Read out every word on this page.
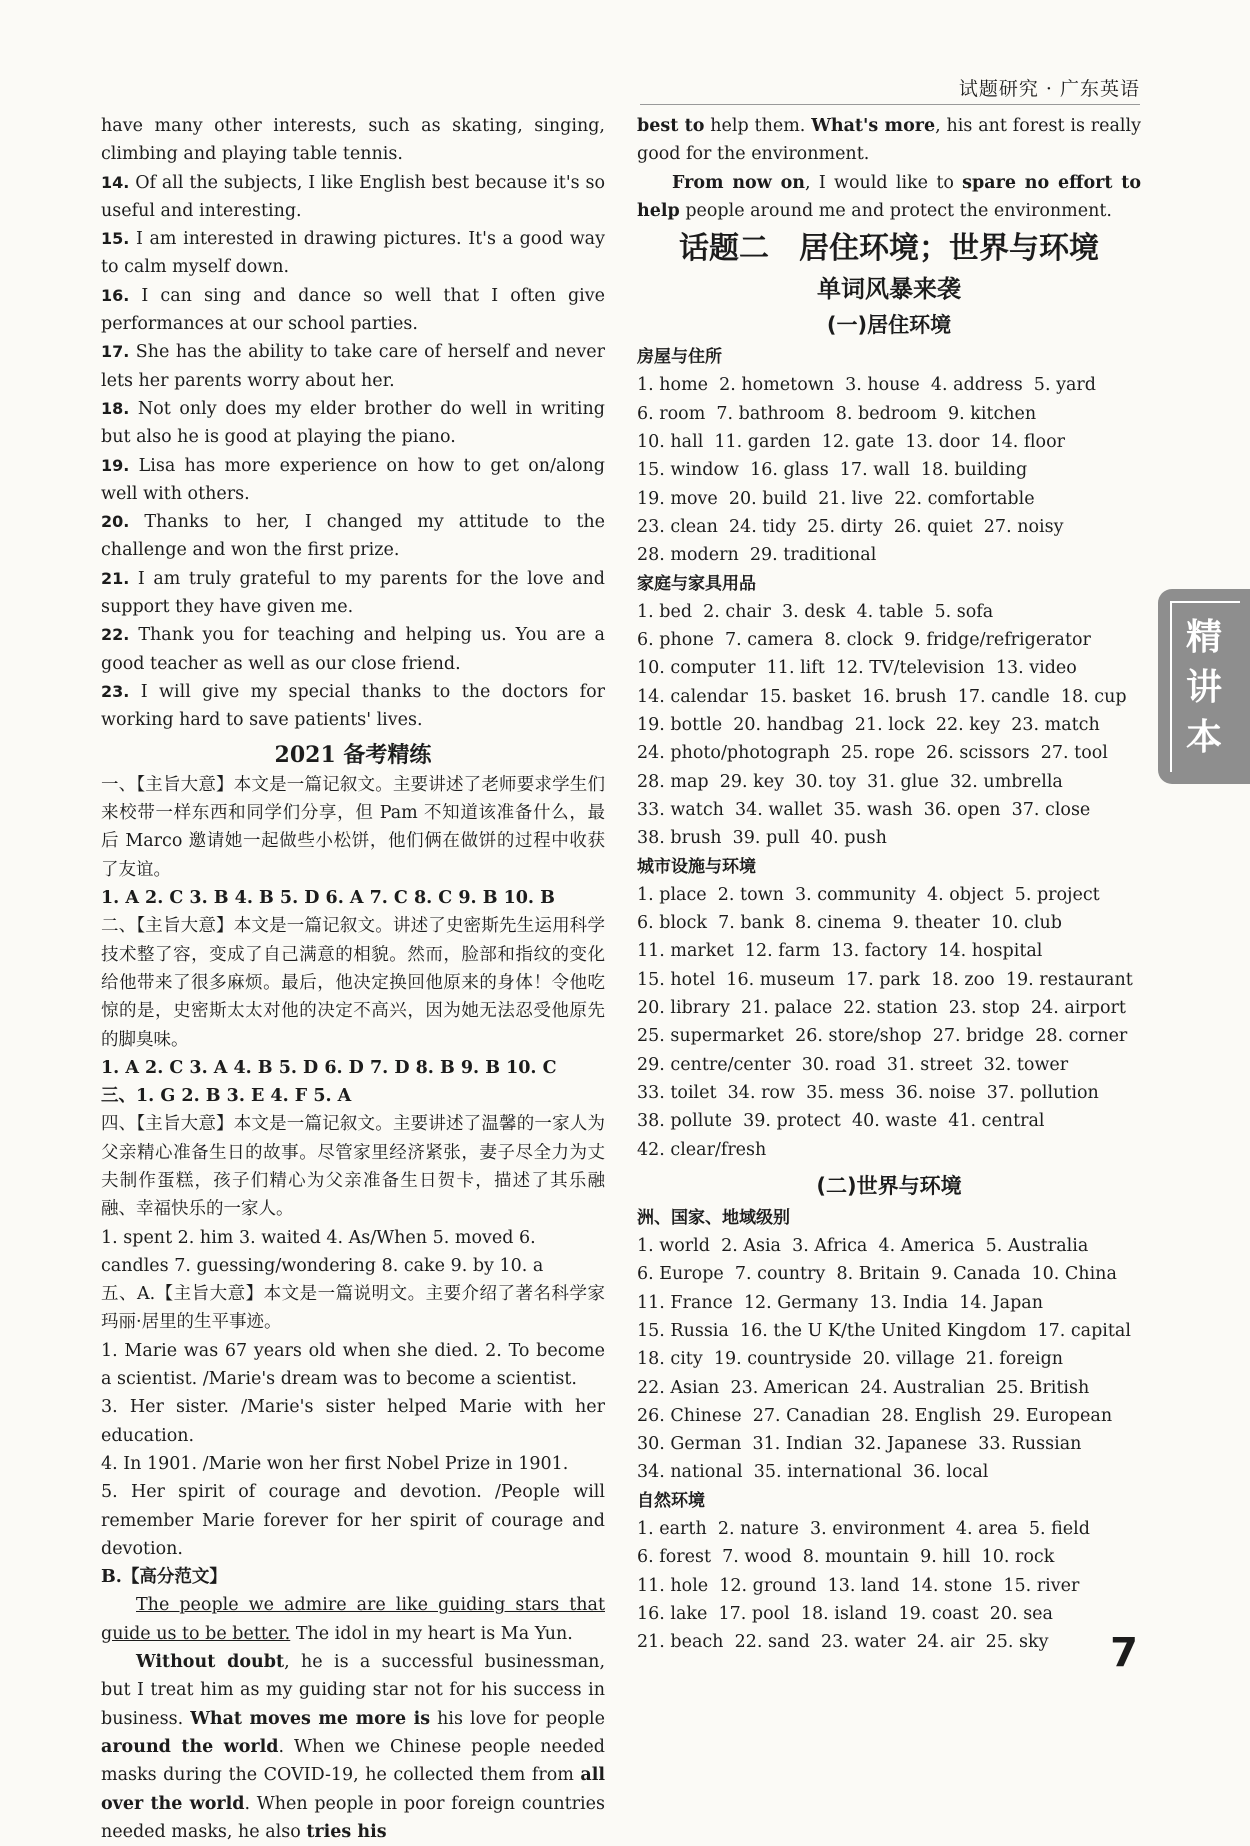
试题研究 · 广东英语

have many other interests, such as skating, singing, climbing and playing table tennis.

14. Of all the subjects, I like English best because it's so useful and interesting.

15. I am interested in drawing pictures. It's a good way to calm myself down.

16. I can sing and dance so well that I often give performances at our school parties.

17. She has the ability to take care of herself and never lets her parents worry about her.

18. Not only does my elder brother do well in writing but also he is good at playing the piano.

19. Lisa has more experience on how to get on/along well with others.

20. Thanks to her, I changed my attitude to the challenge and won the first prize.

21. I am truly grateful to my parents for the love and support they have given me.

22. Thank you for teaching and helping us. You are a good teacher as well as our close friend.

23. I will give my special thanks to the doctors for working hard to save patients' lives.

2021 备考精练

一、【主旨大意】本文是一篇记叙文。主要讲述了老师要求学生们来校带一样东西和同学们分享，但 Pam 不知道该准备什么，最后 Marco 邀请她一起做些小松饼，他们俩在做饼的过程中收获了友谊。

1. A 2. C 3. B 4. B 5. D 6. A 7. C 8. C 9. B 10. B

二、【主旨大意】本文是一篇记叙文。讲述了史密斯先生运用科学技术整了容，变成了自己满意的相貌。然而，脸部和指纹的变化给他带来了很多麻烦。最后，他决定换回他原来的身体！令他吃惊的是，史密斯太太对他的决定不高兴，因为她无法忍受他原先的脚臭味。

1. A 2. C 3. A 4. B 5. D 6. D 7. D 8. B 9. B 10. C

三、1. G 2. B 3. E 4. F 5. A

四、【主旨大意】本文是一篇记叙文。主要讲述了温馨的一家人为父亲精心准备生日的故事。尽管家里经济紧张，妻子尽全力为丈夫制作蛋糕，孩子们精心为父亲准备生日贺卡，描述了其乐融融、幸福快乐的一家人。

1. spent 2. him 3. waited 4. As/When 5. moved 6. candles 7. guessing/wondering 8. cake 9. by 10. a

五、A.【主旨大意】本文是一篇说明文。主要介绍了著名科学家玛丽·居里的生平事迹。

1. Marie was 67 years old when she died. 2. To become a scientist. /Marie's dream was to become a scientist.

3. Her sister. /Marie's sister helped Marie with her education.

4. In 1901. /Marie won her first Nobel Prize in 1901.

5. Her spirit of courage and devotion. /People will remember Marie forever for her spirit of courage and devotion.

B.【高分范文】

The people we admire are like guiding stars that guide us to be better. The idol in my heart is Ma Yun.

Without doubt, he is a successful businessman, but I treat him as my guiding star not for his success in business. What moves me more is his love for people around the world. When we Chinese people needed masks during the COVID-19, he collected them from all over the world. When people in poor foreign countries needed masks, he also tries his

best to help them. What's more, his ant forest is really good for the environment.

From now on, I would like to spare no effort to help people around me and protect the environment.

话题二　居住环境；世界与环境
单词风暴来袭
(一)居住环境
房屋与住所
1. home  2. hometown  3. house  4. address  5. yard
6. room  7. bathroom  8. bedroom  9. kitchen
10. hall  11. garden  12. gate  13. door  14. floor
15. window  16. glass  17. wall  18. building
19. move  20. build  21. live  22. comfortable
23. clean  24. tidy  25. dirty  26. quiet  27. noisy
28. modern  29. traditional
家庭与家具用品
1. bed  2. chair  3. desk  4. table  5. sofa
6. phone  7. camera  8. clock  9. fridge/refrigerator
10. computer  11. lift  12. TV/television  13. video
14. calendar  15. basket  16. brush  17. candle  18. cup
19. bottle  20. handbag  21. lock  22. key  23. match
24. photo/photograph  25. rope  26. scissors  27. tool
28. map  29. key  30. toy  31. glue  32. umbrella
33. watch  34. wallet  35. wash  36. open  37. close
38. brush  39. pull  40. push
城市设施与环境
1. place  2. town  3. community  4. object  5. project
6. block  7. bank  8. cinema  9. theater  10. club
11. market  12. farm  13. factory  14. hospital
15. hotel  16. museum  17. park  18. zoo  19. restaurant
20. library  21. palace  22. station  23. stop  24. airport
25. supermarket  26. store/shop  27. bridge  28. corner
29. centre/center  30. road  31. street  32. tower
33. toilet  34. row  35. mess  36. noise  37. pollution
38. pollute  39. protect  40. waste  41. central
42. clear/fresh
(二)世界与环境
洲、国家、地域级别
1. world  2. Asia  3. Africa  4. America  5. Australia
6. Europe  7. country  8. Britain  9. Canada  10. China
11. France  12. Germany  13. India  14. Japan
15. Russia  16. the U K/the United Kingdom  17. capital
18. city  19. countryside  20. village  21. foreign
22. Asian  23. American  24. Australian  25. British
26. Chinese  27. Canadian  28. English  29. European
30. German  31. Indian  32. Japanese  33. Russian
34. national  35. international  36. local
自然环境
1. earth  2. nature  3. environment  4. area  5. field
6. forest  7. wood  8. mountain  9. hill  10. rock
11. hole  12. ground  13. land  14. stone  15. river
16. lake  17. pool  18. island  19. coast  20. sea
21. beach  22. sand  23. water  24. air  25. sky
精
讲
本
7
